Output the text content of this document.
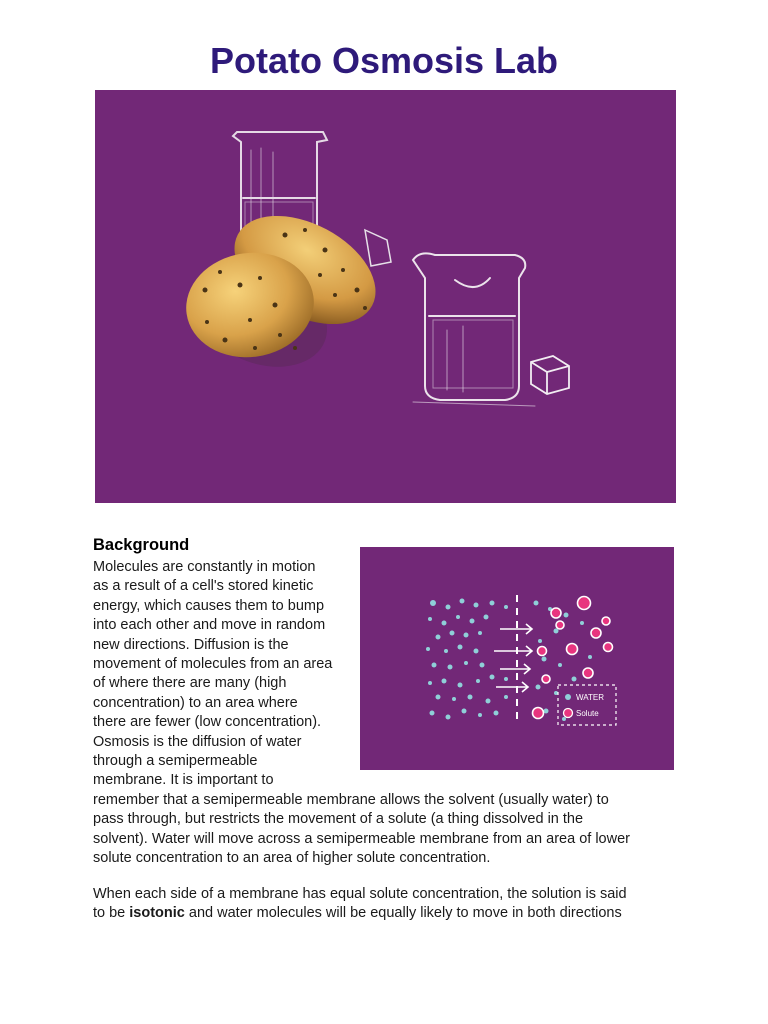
Potato Osmosis Lab
Background

Molecules are constantly in motion
as a result of a cell's stored kinetic
energy, which causes them to bump
into each other and move in random
new directions. Diffusion is the
movement of molecules from an area
of where there are many (high
concentration) to an area where
there are fewer (low concentration).
Osmosis is the diffusion of water
through a semipermeable
membrane. It is important to
remember that a semipermeable membrane allows the solvent (usually water) to
pass through, but restricts the movement of a solute (a thing dissolved in the
solvent). Water will move across a semipermeable membrane from an area of lower
solute concentration to an area of higher solute concentration.

WATER
Solute

When each side of a membrane has equal solute concentration, the solution is said
to be isotonic and water molecules will be equally likely to move in both directions
